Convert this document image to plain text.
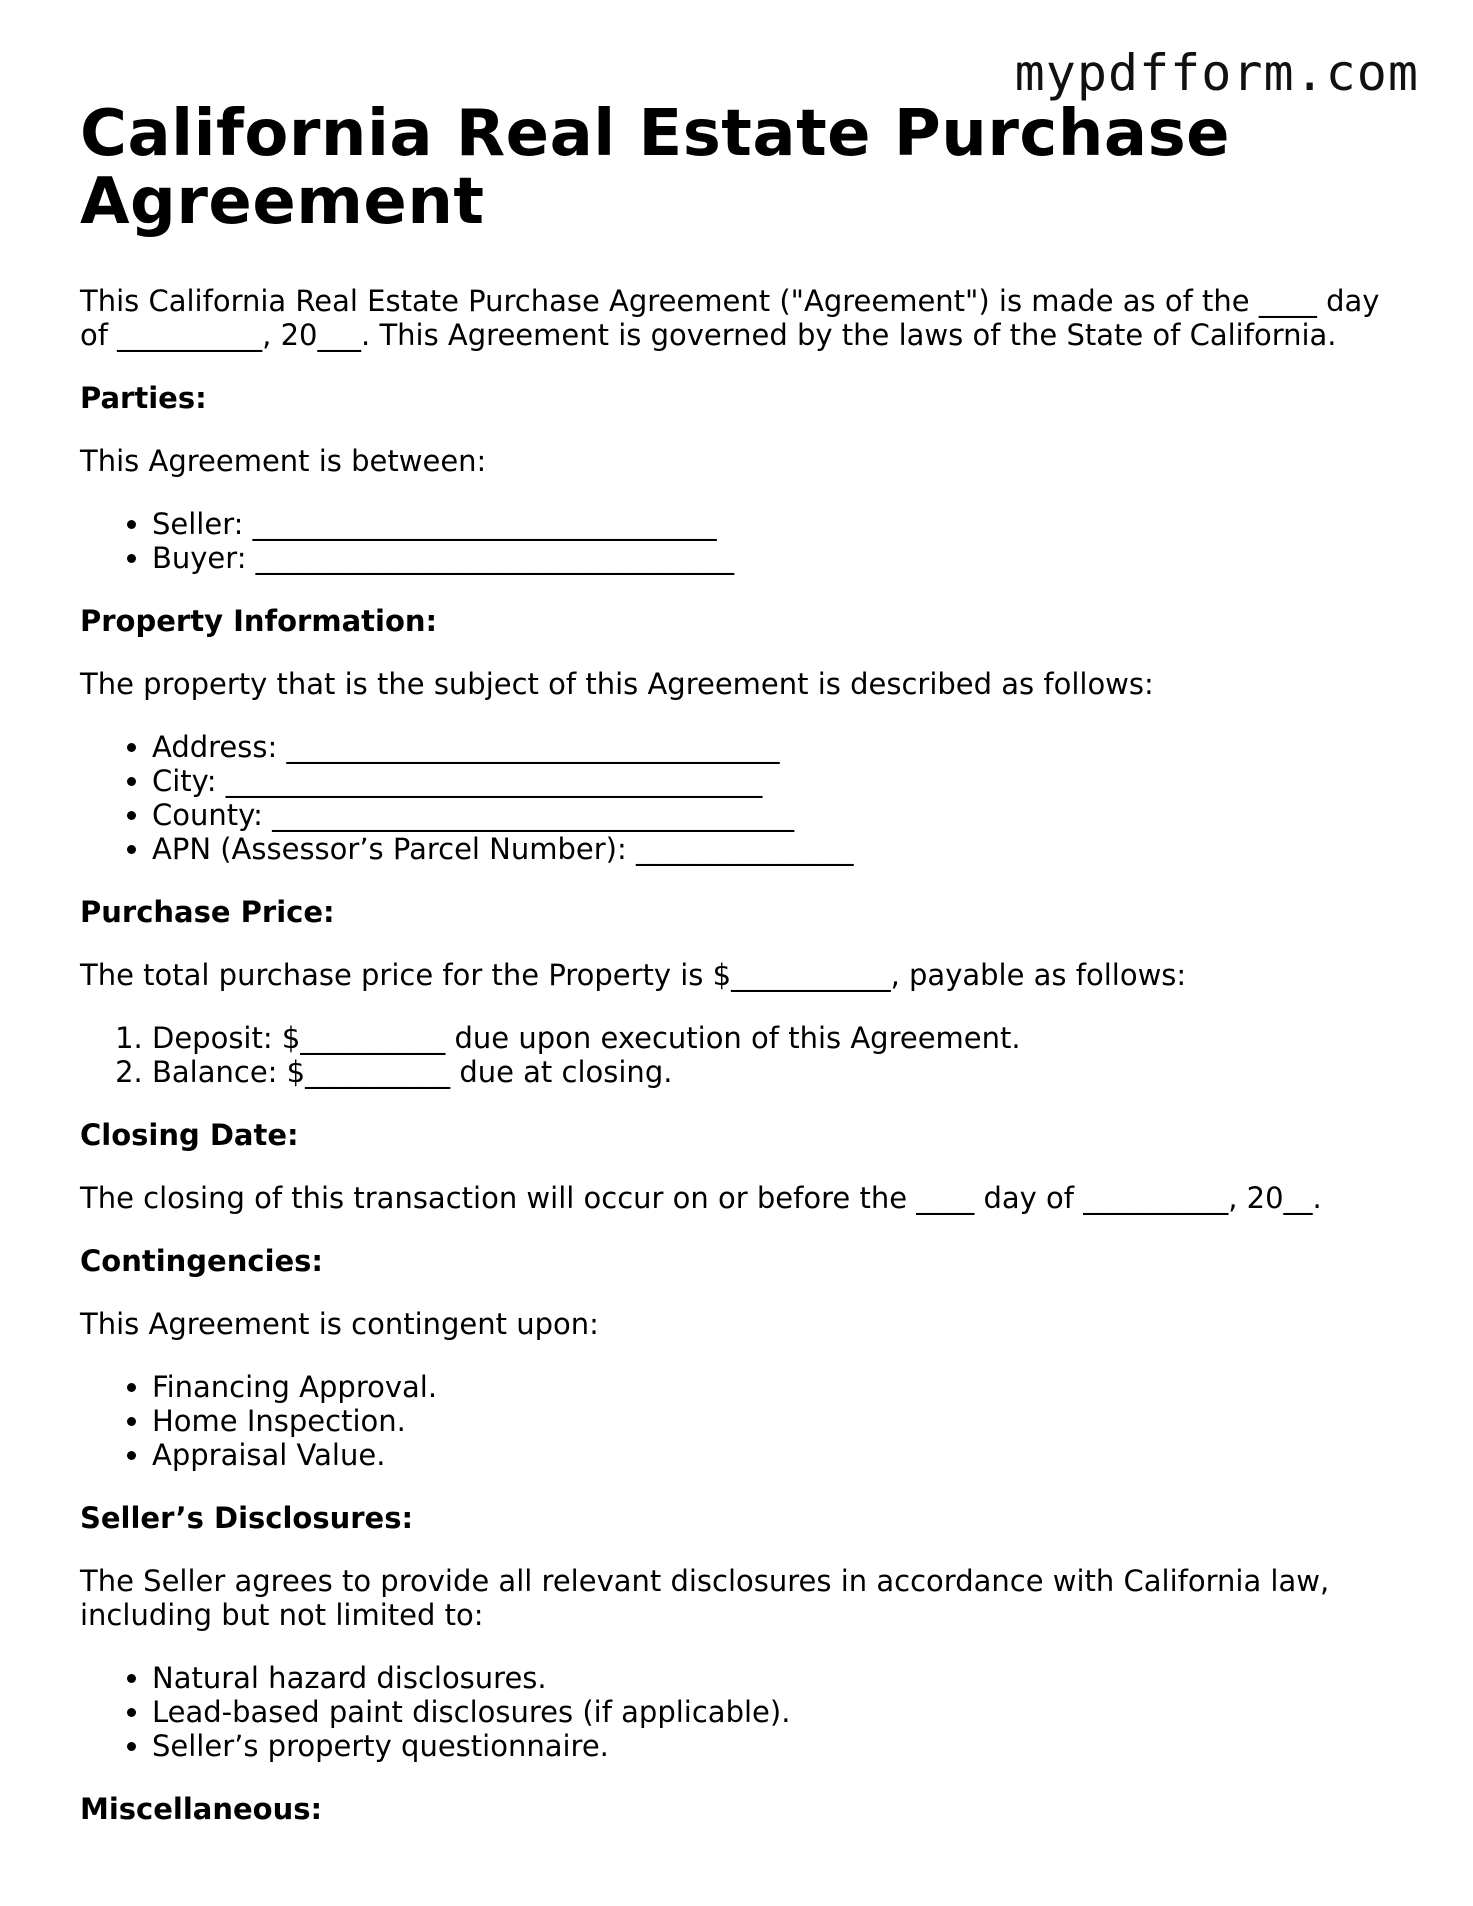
mypdfform.com
California Real Estate Purchase Agreement

This California Real Estate Purchase Agreement ("Agreement") is made as of the ____ day of __________, 20___. This Agreement is governed by the laws of the State of California.

Parties:

This Agreement is between:

• Seller: ________________________________
• Buyer: _________________________________
Property Information:

The property that is the subject of this Agreement is described as follows:

• Address: __________________________________
• City: _____________________________________
• County: ____________________________________
• APN (Assessor’s Parcel Number): _______________
Purchase Price:

The total purchase price for the Property is $___________, payable as follows:

1. Deposit: $__________ due upon execution of this Agreement.
2. Balance: $__________ due at closing.
Closing Date:

The closing of this transaction will occur on or before the ____ day of __________, 20__.

Contingencies:

This Agreement is contingent upon:

• Financing Approval.
• Home Inspection.
• Appraisal Value.
Seller’s Disclosures:

The Seller agrees to provide all relevant disclosures in accordance with California law, including but not limited to:

• Natural hazard disclosures.
• Lead-based paint disclosures (if applicable).
• Seller’s property questionnaire.
Miscellaneous:
